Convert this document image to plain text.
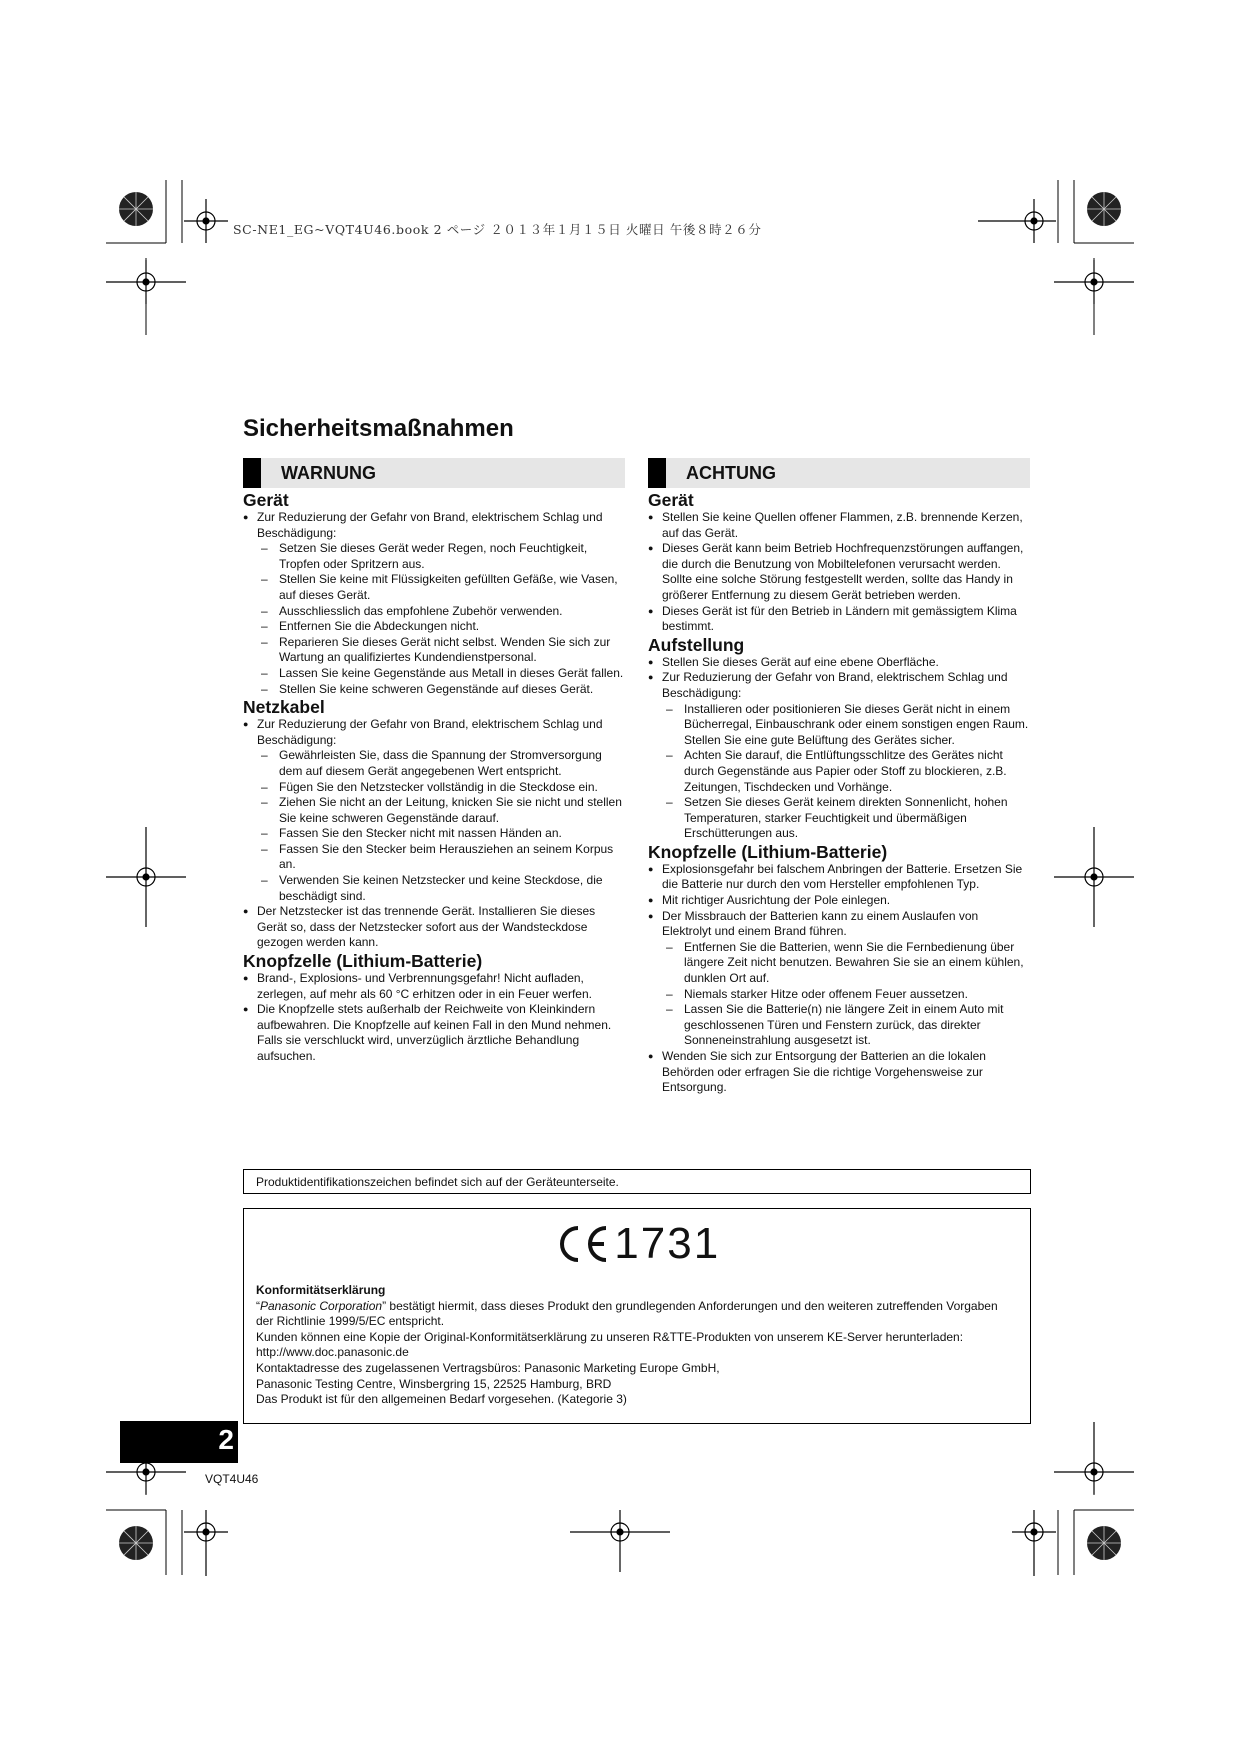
SC-NE1_EG~VQT4U46.book 2 ページ ２０１３年１月１５日 火曜日 午後８時２６分
Sicherheitsmaßnahmen
WARNUNG
Gerät
● Zur Reduzierung der Gefahr von Brand, elektrischem Schlag und Beschädigung:
– Setzen Sie dieses Gerät weder Regen, noch Feuchtigkeit, Tropfen oder Spritzern aus.
– Stellen Sie keine mit Flüssigkeiten gefüllten Gefäße, wie Vasen, auf dieses Gerät.
– Ausschliesslich das empfohlene Zubehör verwenden.
– Entfernen Sie die Abdeckungen nicht.
– Reparieren Sie dieses Gerät nicht selbst. Wenden Sie sich zur Wartung an qualifiziertes Kundendienstpersonal.
– Lassen Sie keine Gegenstände aus Metall in dieses Gerät fallen.
– Stellen Sie keine schweren Gegenstände auf dieses Gerät.
Netzkabel
● Zur Reduzierung der Gefahr von Brand, elektrischem Schlag und Beschädigung:
– Gewährleisten Sie, dass die Spannung der Stromversorgung dem auf diesem Gerät angegebenen Wert entspricht.
– Fügen Sie den Netzstecker vollständig in die Steckdose ein.
– Ziehen Sie nicht an der Leitung, knicken Sie sie nicht und stellen Sie keine schweren Gegenstände darauf.
– Fassen Sie den Stecker nicht mit nassen Händen an.
– Fassen Sie den Stecker beim Herausziehen an seinem Korpus an.
– Verwenden Sie keinen Netzstecker und keine Steckdose, die beschädigt sind.
● Der Netzstecker ist das trennende Gerät. Installieren Sie dieses Gerät so, dass der Netzstecker sofort aus der Wandsteckdose gezogen werden kann.
Knopfzelle (Lithium-Batterie)
● Brand-, Explosions- und Verbrennungsgefahr! Nicht aufladen, zerlegen, auf mehr als 60 °C erhitzen oder in ein Feuer werfen.
● Die Knopfzelle stets außerhalb der Reichweite von Kleinkindern aufbewahren. Die Knopfzelle auf keinen Fall in den Mund nehmen. Falls sie verschluckt wird, unverzüglich ärztliche Behandlung aufsuchen.
ACHTUNG
Gerät
● Stellen Sie keine Quellen offener Flammen, z.B. brennende Kerzen, auf das Gerät.
● Dieses Gerät kann beim Betrieb Hochfrequenzstörungen auffangen, die durch die Benutzung von Mobiltelefonen verursacht werden. Sollte eine solche Störung festgestellt werden, sollte das Handy in größerer Entfernung zu diesem Gerät betrieben werden.
● Dieses Gerät ist für den Betrieb in Ländern mit gemässigtem Klima bestimmt.
Aufstellung
● Stellen Sie dieses Gerät auf eine ebene Oberfläche.
● Zur Reduzierung der Gefahr von Brand, elektrischem Schlag und Beschädigung:
– Installieren oder positionieren Sie dieses Gerät nicht in einem Bücherregal, Einbauschrank oder einem sonstigen engen Raum. Stellen Sie eine gute Belüftung des Gerätes sicher.
– Achten Sie darauf, die Entlüftungsschlitze des Gerätes nicht durch Gegenstände aus Papier oder Stoff zu blockieren, z.B. Zeitungen, Tischdecken und Vorhänge.
– Setzen Sie dieses Gerät keinem direkten Sonnenlicht, hohen Temperaturen, starker Feuchtigkeit und übermäßigen Erschütterungen aus.
Knopfzelle (Lithium-Batterie)
● Explosionsgefahr bei falschem Anbringen der Batterie. Ersetzen Sie die Batterie nur durch den vom Hersteller empfohlenen Typ.
● Mit richtiger Ausrichtung der Pole einlegen.
● Der Missbrauch der Batterien kann zu einem Auslaufen von Elektrolyt und einem Brand führen.
– Entfernen Sie die Batterien, wenn Sie die Fernbedienung über längere Zeit nicht benutzen. Bewahren Sie sie an einem kühlen, dunklen Ort auf.
– Niemals starker Hitze oder offenem Feuer aussetzen.
– Lassen Sie die Batterie(n) nie längere Zeit in einem Auto mit geschlossenen Türen und Fenstern zurück, das direkter Sonneneinstrahlung ausgesetzt ist.
● Wenden Sie sich zur Entsorgung der Batterien an die lokalen Behörden oder erfragen Sie die richtige Vorgehensweise zur Entsorgung.
Produktidentifikationszeichen befindet sich auf der Geräteunterseite.
1731
Konformitätserklärung
“Panasonic Corporation” bestätigt hiermit, dass dieses Produkt den grundlegenden Anforderungen und den weiteren zutreffenden Vorgaben der Richtlinie 1999/5/EC entspricht.
Kunden können eine Kopie der Original-Konformitätserklärung zu unseren R&TTE-Produkten von unserem KE-Server herunterladen:
http://www.doc.panasonic.de
Kontaktadresse des zugelassenen Vertragsbüros: Panasonic Marketing Europe GmbH,
Panasonic Testing Centre, Winsbergring 15, 22525 Hamburg, BRD
Das Produkt ist für den allgemeinen Bedarf vorgesehen. (Kategorie 3)
2
VQT4U46
